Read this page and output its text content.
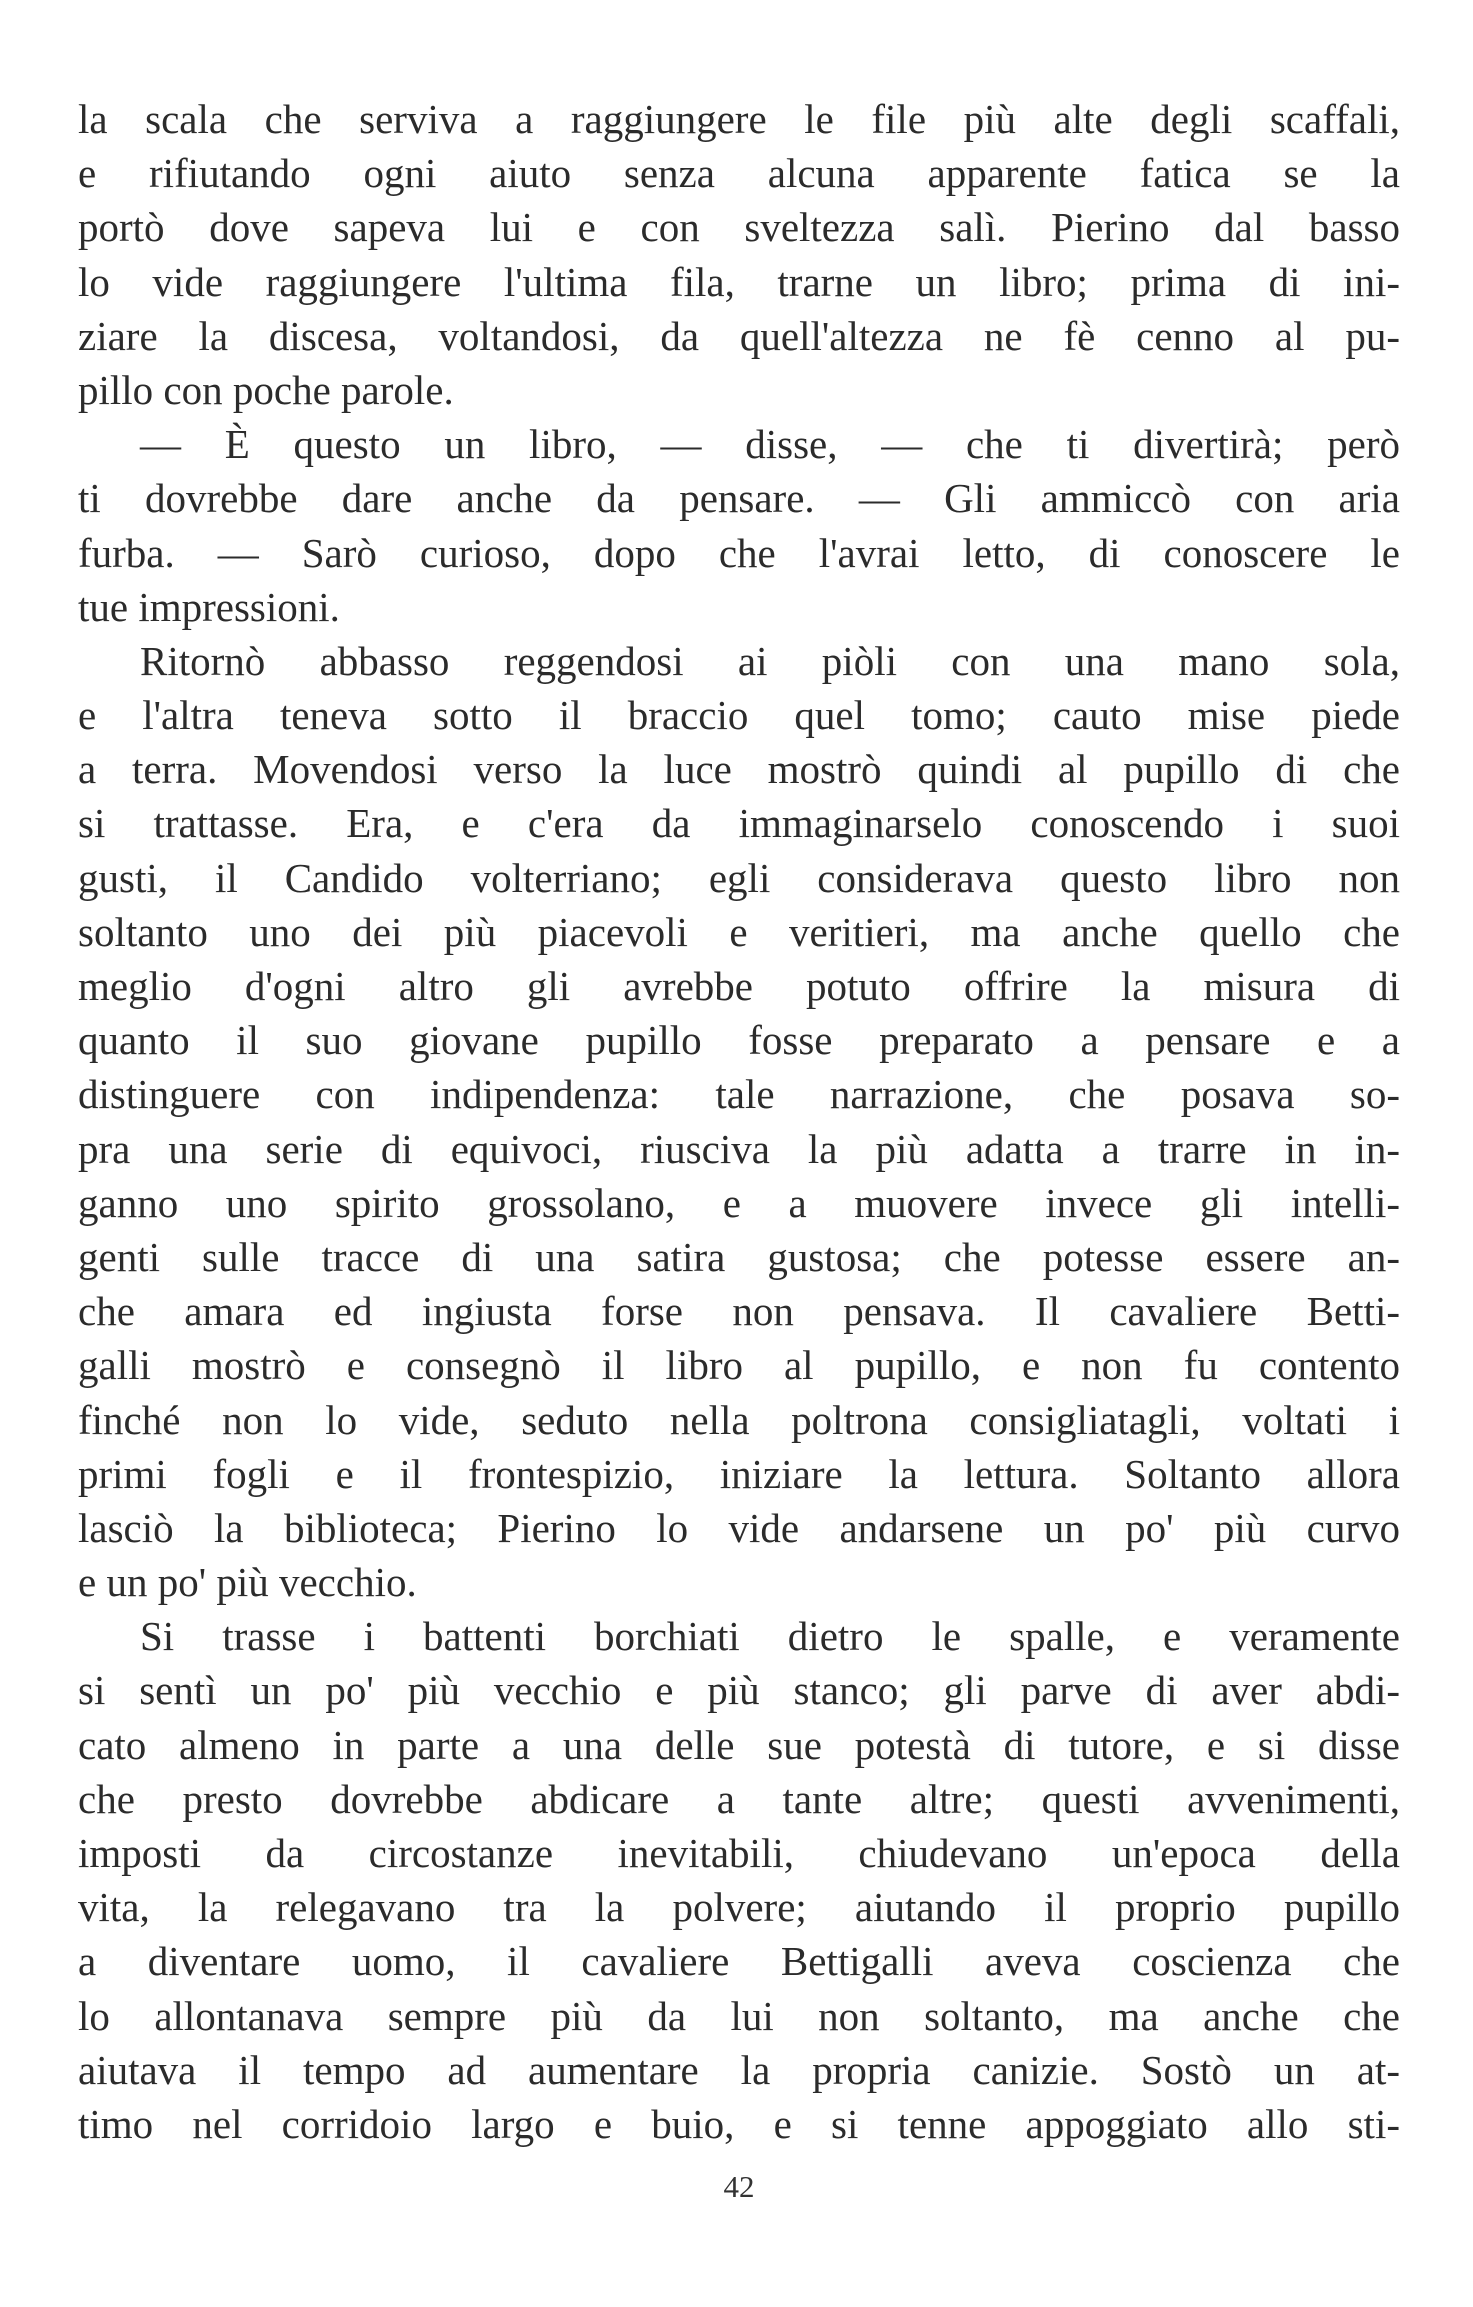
la scala che serviva a raggiungere le file più alte degli scaffali,
e rifiutando ogni aiuto senza alcuna apparente fatica se la
portò dove sapeva lui e con sveltezza salì. Pierino dal basso
lo vide raggiungere l'ultima fila, trarne un libro; prima di ini-
ziare la discesa, voltandosi, da quell'altezza ne fè cenno al pu-
pillo con poche parole.
— È questo un libro, — disse, — che ti divertirà; però
ti dovrebbe dare anche da pensare. — Gli ammiccò con aria
furba. — Sarò curioso, dopo che l'avrai letto, di conoscere le
tue impressioni.
Ritornò abbasso reggendosi ai piòli con una mano sola,
e l'altra teneva sotto il braccio quel tomo; cauto mise piede
a terra. Movendosi verso la luce mostrò quindi al pupillo di che
si trattasse. Era, e c'era da immaginarselo conoscendo i suoi
gusti, il Candido volterriano; egli considerava questo libro non
soltanto uno dei più piacevoli e veritieri, ma anche quello che
meglio d'ogni altro gli avrebbe potuto offrire la misura di
quanto il suo giovane pupillo fosse preparato a pensare e a
distinguere con indipendenza: tale narrazione, che posava so-
pra una serie di equivoci, riusciva la più adatta a trarre in in-
ganno uno spirito grossolano, e a muovere invece gli intelli-
genti sulle tracce di una satira gustosa; che potesse essere an-
che amara ed ingiusta forse non pensava. Il cavaliere Betti-
galli mostrò e consegnò il libro al pupillo, e non fu contento
finché non lo vide, seduto nella poltrona consigliatagli, voltati i
primi fogli e il frontespizio, iniziare la lettura. Soltanto allora
lasciò la biblioteca; Pierino lo vide andarsene un po' più curvo
e un po' più vecchio.
Si trasse i battenti borchiati dietro le spalle, e veramente
si sentì un po' più vecchio e più stanco; gli parve di aver abdi-
cato almeno in parte a una delle sue potestà di tutore, e si disse
che presto dovrebbe abdicare a tante altre; questi avvenimenti,
imposti da circostanze inevitabili, chiudevano un'epoca della
vita, la relegavano tra la polvere; aiutando il proprio pupillo
a diventare uomo, il cavaliere Bettigalli aveva coscienza che
lo allontanava sempre più da lui non soltanto, ma anche che
aiutava il tempo ad aumentare la propria canizie. Sostò un at-
timo nel corridoio largo e buio, e si tenne appoggiato allo sti-
42
